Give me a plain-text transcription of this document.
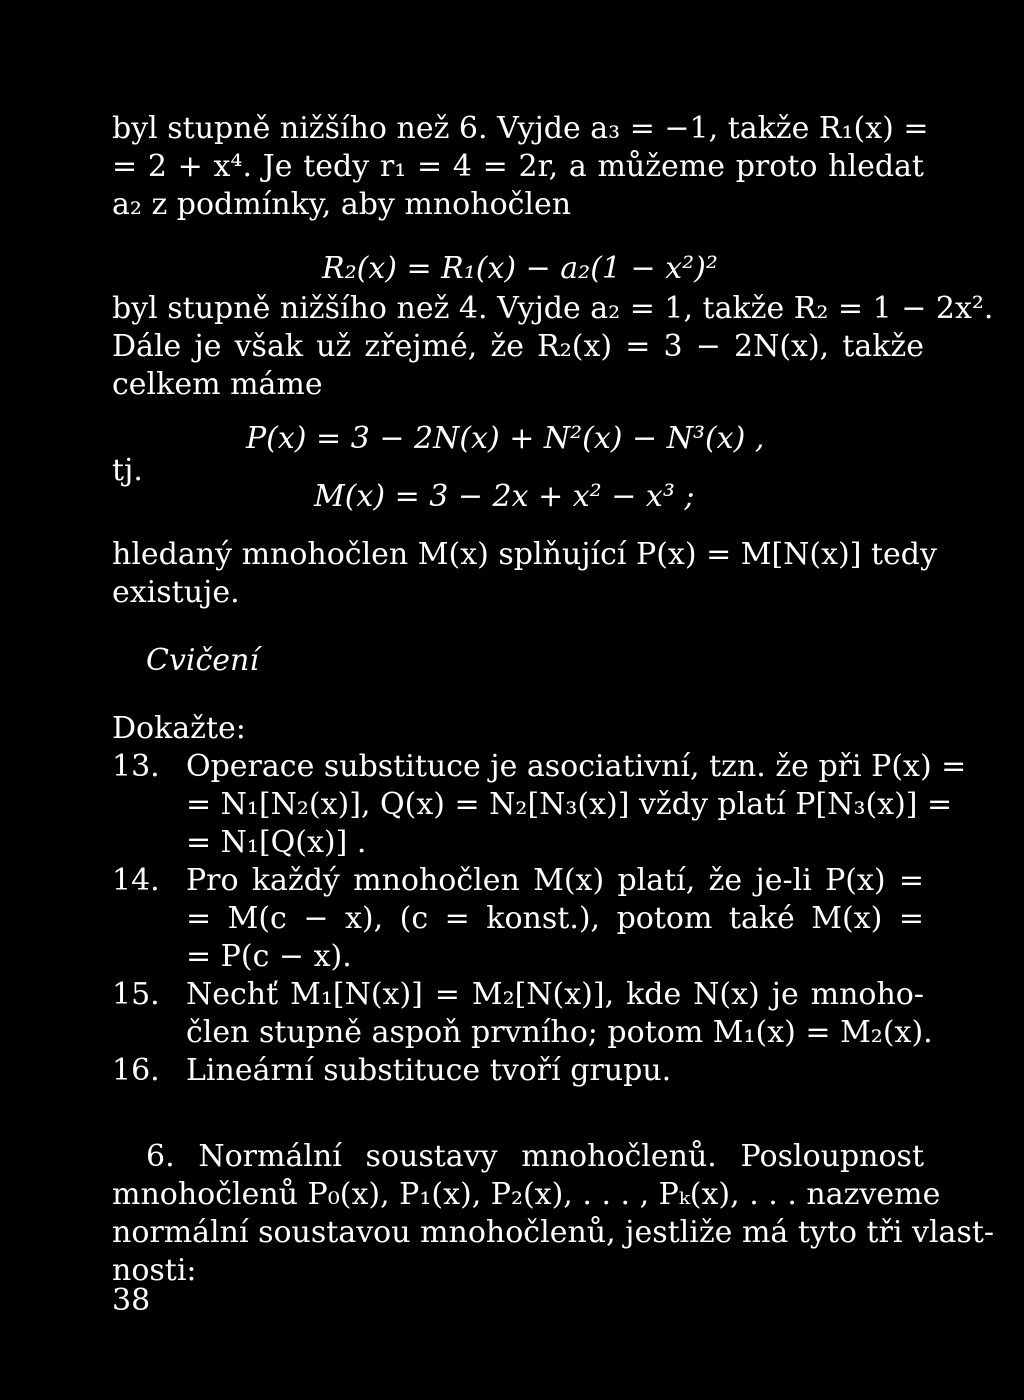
byl stupně nižšího než 6. Vyjde a₃ = −1, takže R₁(x) =
= 2 + x⁴. Je tedy r₁ = 4 = 2r, a můžeme proto hledat
a₂ z podmínky, aby mnohočlen
R₂(x) = R₁(x) − a₂(1 − x²)²
byl stupně nižšího než 4. Vyjde a₂ = 1, takže R₂ = 1 − 2x².
Dále je však už zřejmé, že R₂(x) = 3 − 2N(x), takže
celkem máme
P(x) = 3 − 2N(x) + N²(x) − N³(x) ,
tj.
M(x) = 3 − 2x + x² − x³ ;
hledaný mnohočlen M(x) splňující P(x) = M[N(x)] tedy
existuje.
Cvičení
Dokažte:
13. Operace substituce je asociativní, tzn. že při P(x) =
= N₁[N₂(x)], Q(x) = N₂[N₃(x)] vždy platí P[N₃(x)] =
= N₁[Q(x)] .
14. Pro každý mnohočlen M(x) platí, že je-li P(x) =
= M(c − x), (c = konst.), potom také M(x) =
= P(c − x).
15. Nechť M₁[N(x)] = M₂[N(x)], kde N(x) je mnoho-
člen stupně aspoň prvního; potom M₁(x) = M₂(x).
16. Lineární substituce tvoří grupu.
6. Normální soustavy mnohočlenů. Posloupnost
mnohočlenů P₀(x), P₁(x), P₂(x), . . . , Pₖ(x), . . . nazveme
normální soustavou mnohočlenů, jestliže má tyto tři vlast-
nosti:
38
